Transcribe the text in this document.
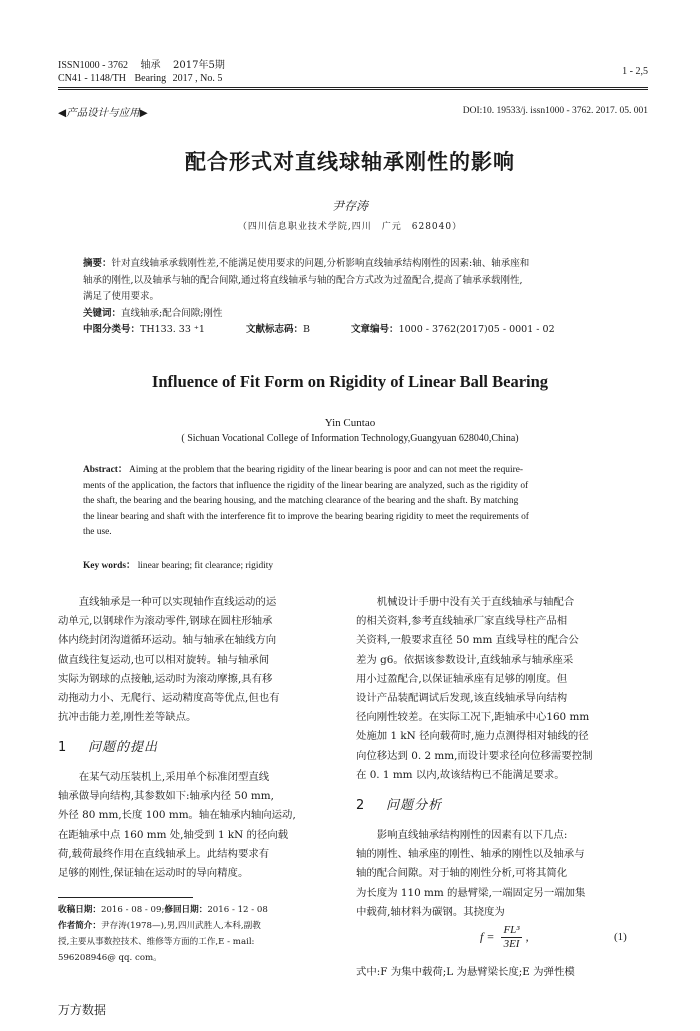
ISSN1000 - 3762 轴承 2017年5期
CN41 - 1148/TH Bearing 2017 , No. 5
1 - 2,5
◀产品设计与应用▶	DOI:10. 19533/j. issn1000 - 3762. 2017. 05. 001
配合形式对直线球轴承刚性的影响
尹存涛
（四川信息职业技术学院,四川　广元　628040）
摘要：针对直线轴承承载刚性差,不能满足使用要求的问题,分析影响直线轴承结构刚性的因素:轴、轴承座和
轴承的刚性,以及轴承与轴的配合间隙,通过将直线轴承与轴的配合方式改为过盈配合,提高了轴承承载刚性,
满足了使用要求。
关键词：直线轴承;配合间隙;刚性
中图分类号：TH133. 33 ⁺1	文献标志码：B	文章编号：1000 - 3762(2017)05 - 0001 - 02
Influence of Fit Form on Rigidity of Linear Ball Bearing
Yin Cuntao
( Sichuan Vocational College of Information Technology,Guangyuan 628040,China)
Abstract： Aiming at the problem that the bearing rigidity of the linear bearing is poor and can not meet the require-
ments of the application, the factors that influence the rigidity of the linear bearing are analyzed, such as the rigidity of
the shaft, the bearing and the bearing housing, and the matching clearance of the bearing and the shaft. By matching
the linear bearing and shaft with the interference fit to improve the bearing bearing rigidity to meet the requirements of
the use.
Key words： linear bearing; fit clearance; rigidity
直线轴承是一种可以实现轴作直线运动的运
动单元,以钢球作为滚动零件,钢球在圆柱形轴承
体内绕封闭沟道循环运动。轴与轴承在轴线方向
做直线往复运动,也可以相对旋转。轴与轴承间
实际为钢球的点接触,运动时为滚动摩擦,具有移
动拖动力小、无爬行、运动精度高等优点,但也有
抗冲击能力差,刚性差等缺点。
1 问题的提出
在某气动压装机上,采用单个标准闭型直线
轴承做导向结构,其参数如下:轴承内径 50 mm,
外径 80 mm,长度 100 mm。轴在轴承内轴向运动,
在距轴承中点 160 mm 处,轴受到 1 kN 的径向载
荷,载荷最终作用在直线轴承上。此结构要求有
足够的刚性,保证轴在运动时的导向精度。
收稿日期：2016 - 08 - 09;修回日期：2016 - 12 - 08
作者简介：尹存涛(1978—),男,四川武胜人,本科,副教
授,主要从事数控技术、维修等方面的工作,E - mail:
596208946@ qq. com。
机械设计手册中没有关于直线轴承与轴配合
的相关资料,参考直线轴承厂家直线导柱产品相
关资料,一般要求直径 50 mm 直线导柱的配合公
差为 g6。依据该参数设计,直线轴承与轴承座采
用小过盈配合,以保证轴承座有足够的刚度。但
设计产品装配调试后发现,该直线轴承导向结构
径向刚性较差。在实际工况下,距轴承中心160 mm
处施加 1 kN 径向载荷时,施力点测得相对轴线的径
向位移达到 0. 2 mm,而设计要求径向位移需要控制
在 0. 1 mm 以内,故该结构已不能满足要求。
2 问题分析
影响直线轴承结构刚性的因素有以下几点:
轴的刚性、轴承座的刚性、轴承的刚性以及轴承与
轴的配合间隙。对于轴的刚性分析,可将其简化
为长度为 110 mm 的悬臂梁,一端固定另一端加集
中载荷,轴材料为碳钢。其挠度为
$f = \frac{\text{FL³}}{3EI}$ ,	(1)
式中:F 为集中载荷;L 为悬臂梁长度;E 为弹性模
万方数据
